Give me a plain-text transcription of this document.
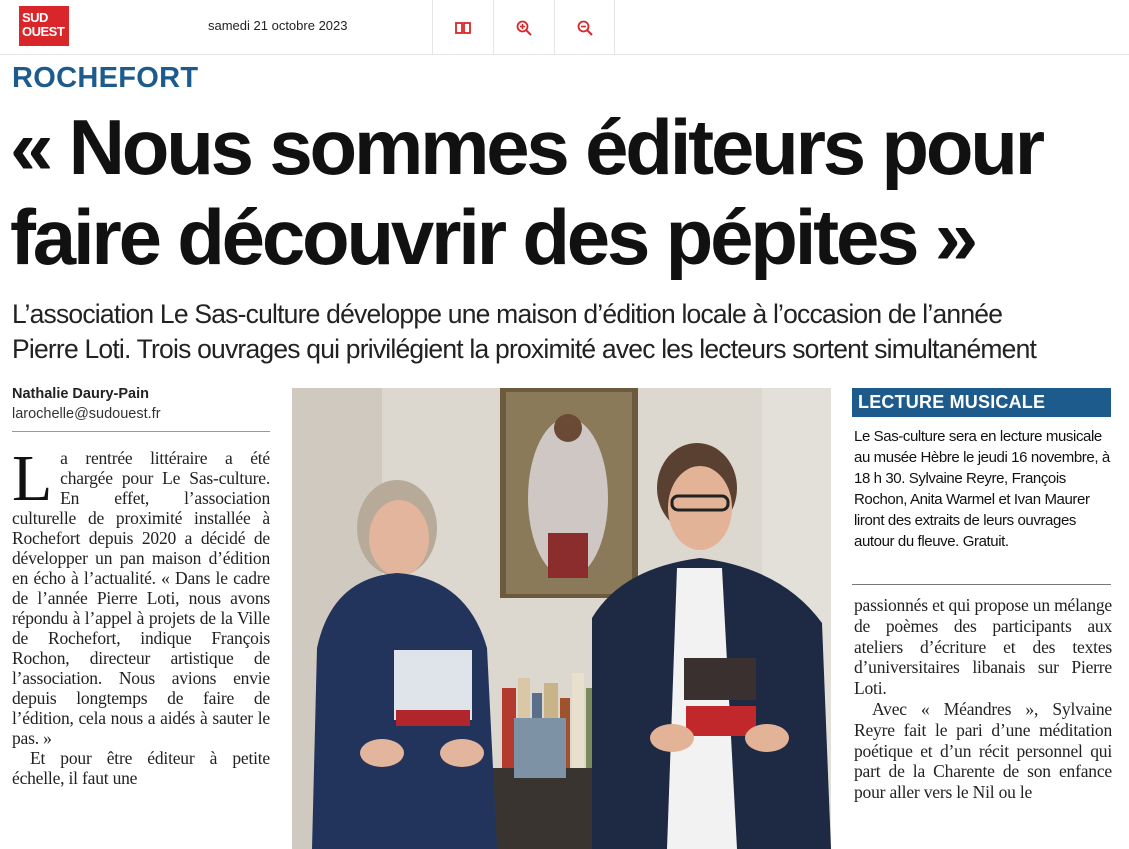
SUD
OUEST	samedi 21 octobre 2023
ROCHEFORT
« Nous sommes éditeurs pour
faire découvrir des pépites »
L’association Le Sas-culture développe une maison d’édition locale à l’occasion de l’année
Pierre Loti. Trois ouvrages qui privilégient la proximité avec les lecteurs sortent simultanément
Nathalie Daury-Pain
larochelle@sudouest.fr

La rentrée littéraire a été chargée pour Le Sas-culture. En effet, l’association culturelle de proximité installée à Rochefort depuis 2020 a décidé de développer un pan maison d’édition en écho à l’actualité. « Dans le cadre de l’année Pierre Loti, nous avons répondu à l’appel à projets de la Ville de Rochefort, indique François Rochon, directeur artistique de l’association. Nous avions envie depuis longtemps de faire de l’édition, cela nous a aidés à sauter le pas. »

Et pour être éditeur à petite échelle, il faut une

LECTURE MUSICALE
Le Sas-culture sera en lecture musicale au musée Hèbre le jeudi 16 novembre, à 18 h 30. Sylvaine Reyre, François Rochon, Anita Warmel et Ivan Maurer liront des extraits de leurs ouvrages autour du fleuve. Gratuit.

passionnés et qui propose un mélange de poèmes des participants aux ateliers d’écriture et des textes d’universitaires libanais sur Pierre Loti.

Avec « Méandres », Sylvaine Reyre fait le pari d’une méditation poétique et d’un récit personnel qui part de la Charente de son enfance pour aller vers le Nil ou le
